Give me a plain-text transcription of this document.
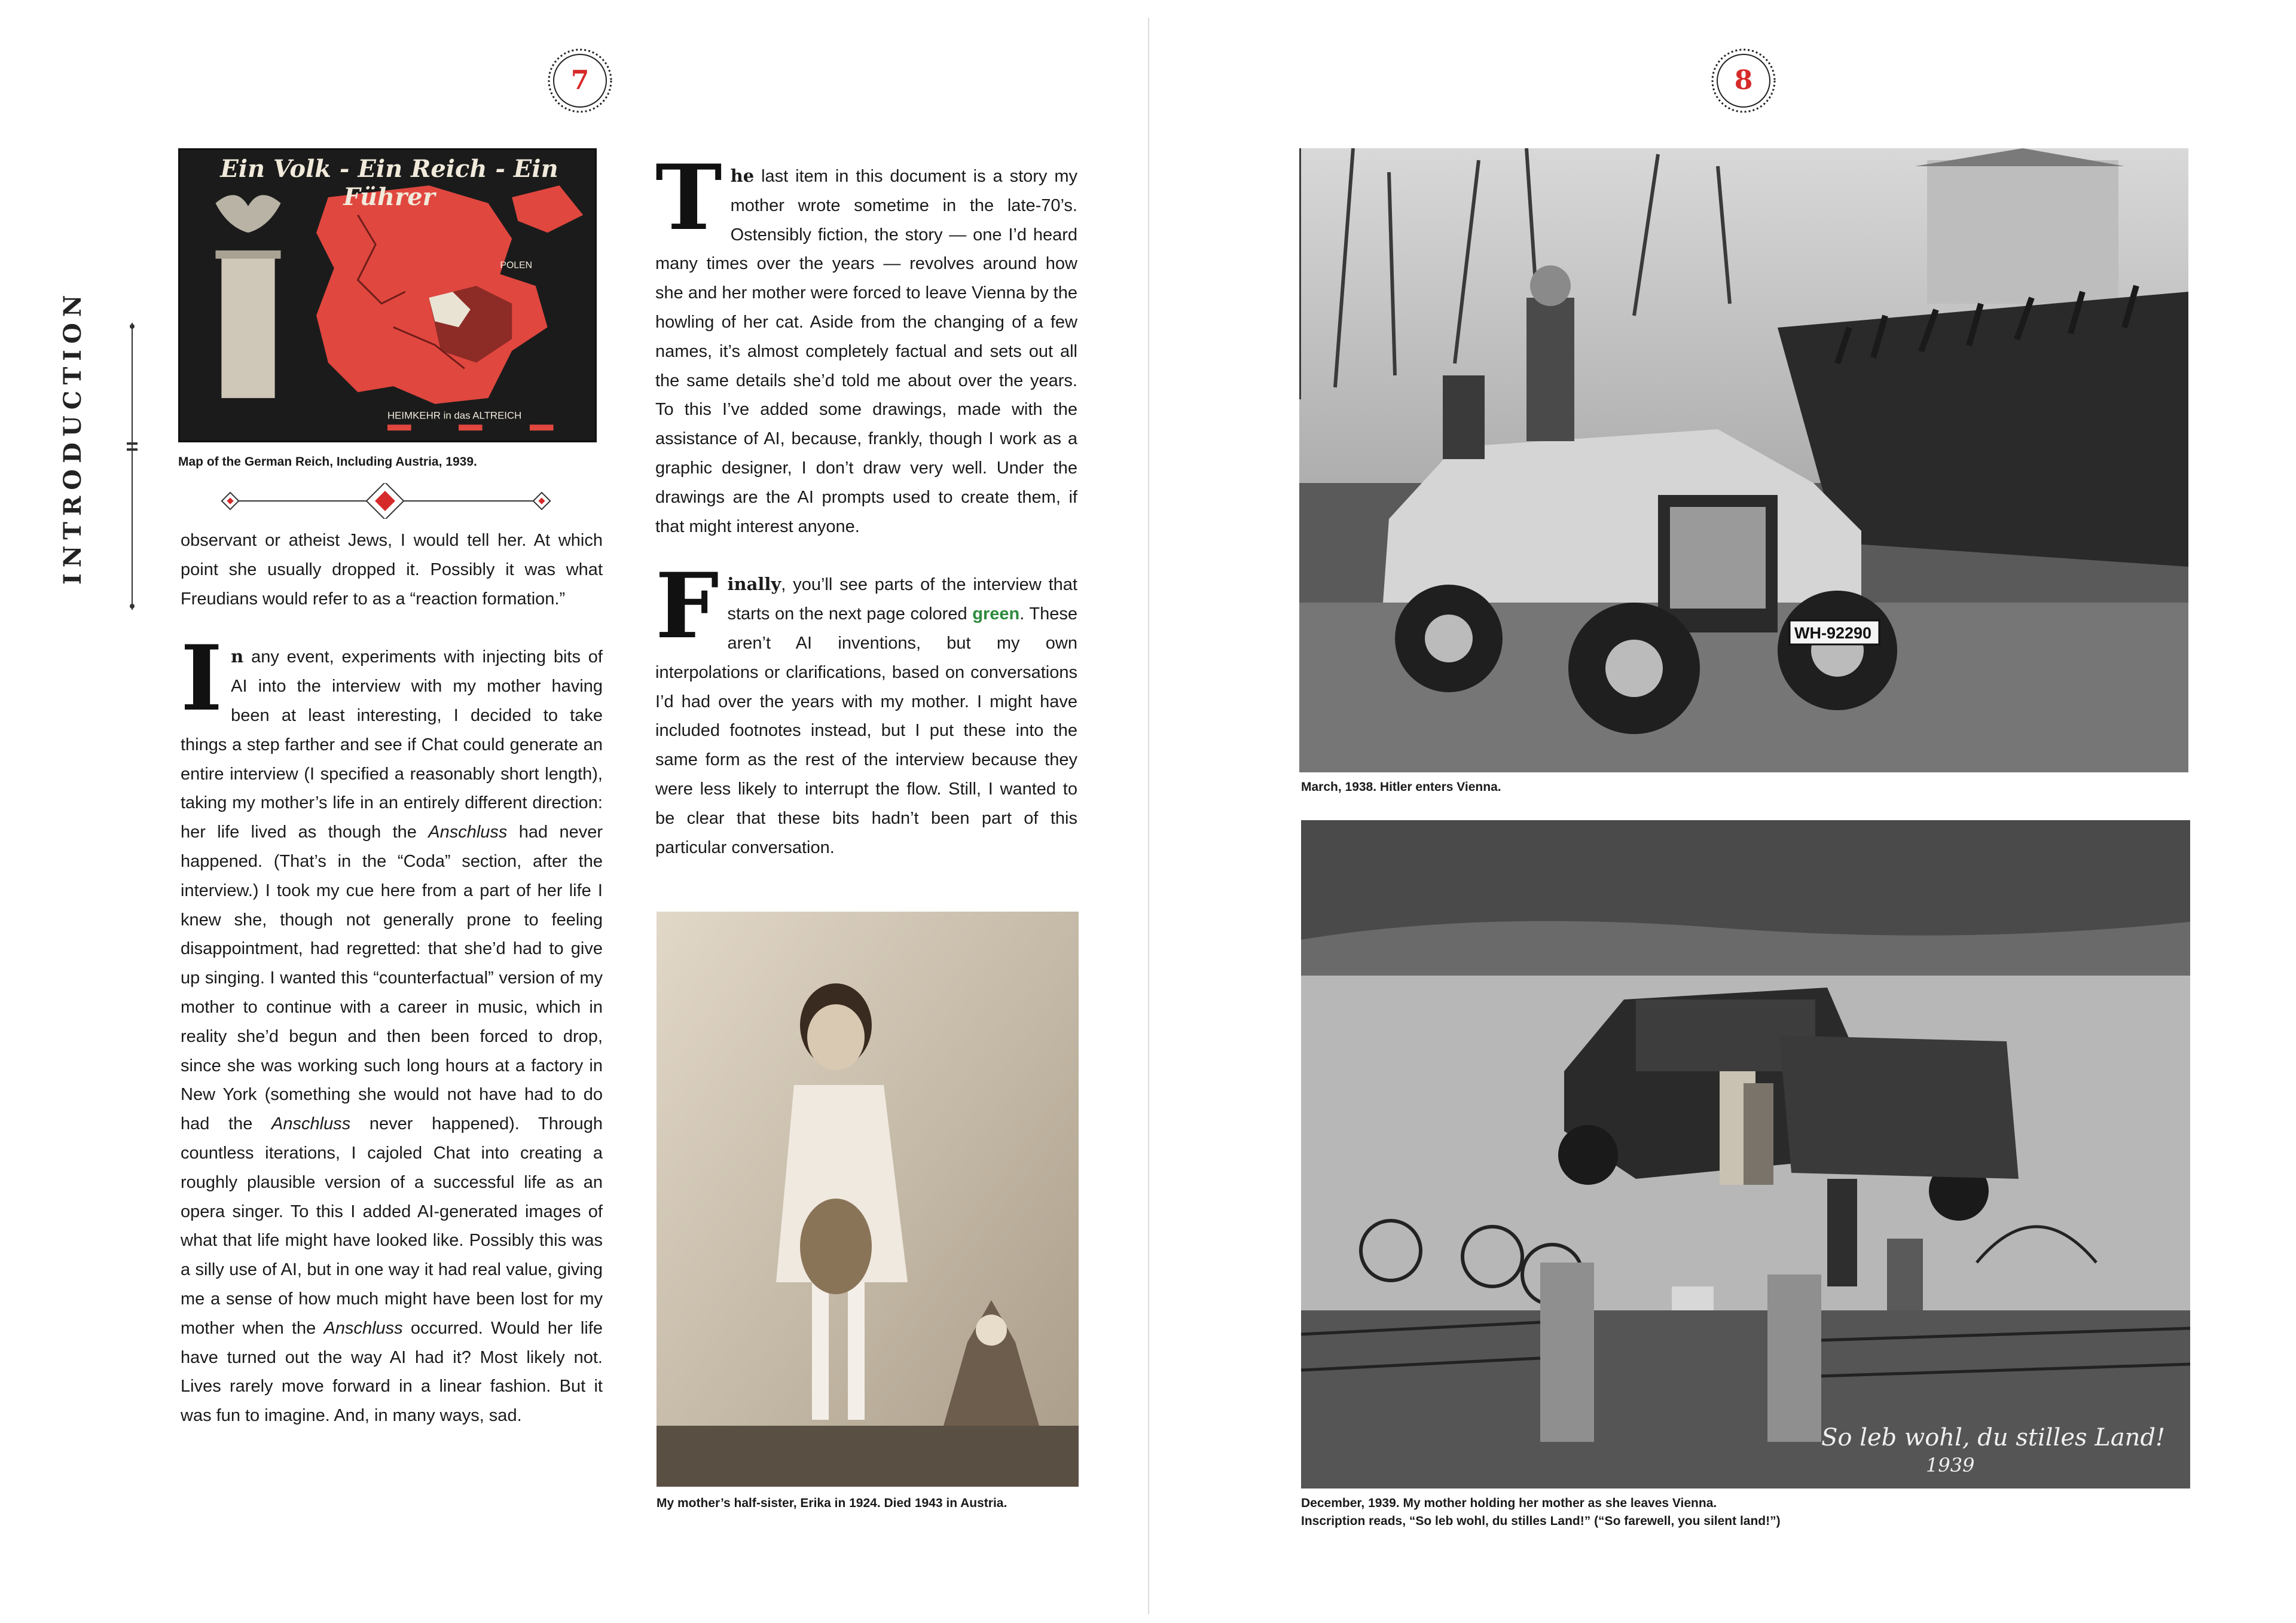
7	8
INTRODUCTION
POLEN
HEIMKEHR in das ALTREICH
Ein Volk - Ein Reich - Ein Führer
Map of the German Reich, Including Austria, 1939.

observant or atheist Jews, I would tell her. At which point she usually dropped it. Possibly it was what Freudians would refer to as a “reaction formation.”

In any event, experiments with injecting bits of AI into the interview with my mother having been at least interesting, I decided to take things a step farther and see if Chat could generate an entire interview (I specified a reasonably short length), taking my mother’s life in an entirely different direction: her life lived as though the Anschluss had never happened. (That’s in the “Coda” section, after the interview.) I took my cue here from a part of her life I knew she, though not generally prone to feeling disappointment, had regretted: that she’d had to give up singing. I wanted this “counterfactual” version of my mother to continue with a career in music, which in reality she’d begun and then been forced to drop, since she was working such long hours at a factory in New York (something she would not have had to do had the Anschluss never happened). Through countless iterations, I cajoled Chat into creating a roughly plausible version of a successful life as an opera singer. To this I added AI-generated images of what that life might have looked like. Possibly this was a silly use of AI, but in one way it had real value, giving me a sense of how much might have been lost for my mother when the Anschluss occurred. Would her life have turned out the way AI had it? Most likely not. Lives rarely move forward in a linear fashion. But it was fun to imagine. And, in many ways, sad.

The last item in this document is a story my mother wrote sometime in the late-70’s. Ostensibly fiction, the story — one I’d heard many times over the years — revolves around how she and her mother were forced to leave Vienna by the howling of her cat. Aside from the changing of a few names, it’s almost completely factual and sets out all the same details she’d told me about over the years. To this I’ve added some drawings, made with the assistance of AI, because, frankly, though I work as a graphic designer, I don’t draw very well. Under the drawings are the AI prompts used to create them, if that might interest anyone.

Finally, you’ll see parts of the interview that starts on the next page colored green. These aren’t AI inventions, but my own interpolations or clarifications, based on conversations I’d had over the years with my mother. I might have included footnotes instead, but I put these into the same form as the rest of the interview because they were less likely to interrupt the flow. Still, I wanted to be clear that these bits hadn’t been part of this particular conversation.

My mother’s half-sister, Erika in 1924. Died 1943 in Austria.
WH-92290
March, 1938. Hitler enters Vienna.
So leb wohl, du stilles Land!
1939
December, 1939. My mother holding her mother as she leaves Vienna.
Inscription reads, “So leb wohl, du stilles Land!” (“So farewell, you silent land!”)
